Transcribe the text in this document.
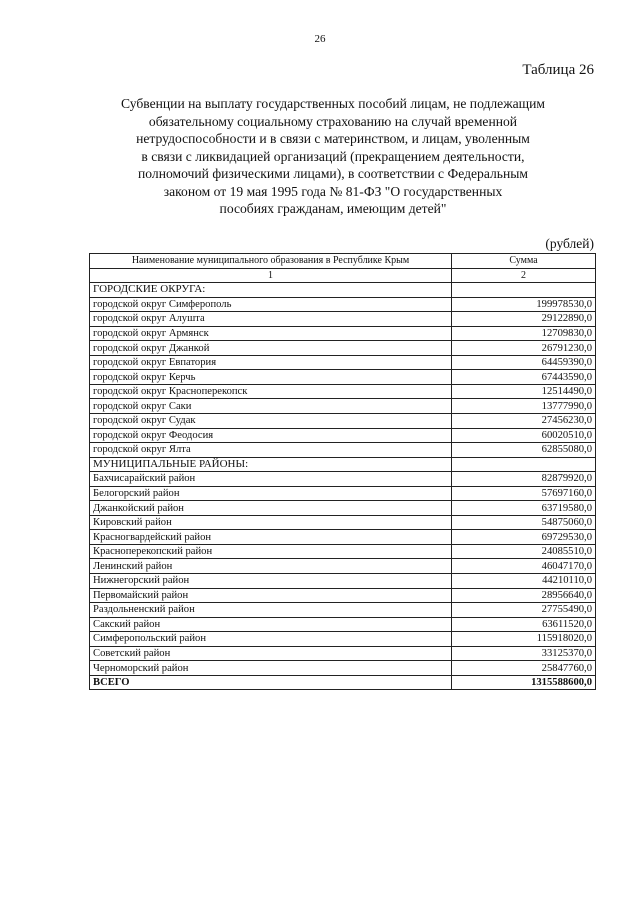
26
Таблица 26
Субвенции на выплату государственных пособий лицам, не подлежащим
обязательному социальному страхованию на случай временной
нетрудоспособности и в связи с материнством, и лицам, уволенным
в связи с ликвидацией организаций (прекращением деятельности,
полномочий физическими лицами), в соответствии с Федеральным
законом от 19 мая 1995 года № 81-ФЗ "О государственных
пособиях гражданам, имеющим детей"
(рублей)
Наименование муниципального образования в Республике Крым	Сумма
1	2
ГОРОДСКИЕ ОКРУГА:	
городской округ Симферополь	199978530,0
городской округ Алушта	29122890,0
городской округ Армянск	12709830,0
городской округ Джанкой	26791230,0
городской округ Евпатория	64459390,0
городской округ Керчь	67443590,0
городской округ Красноперекопск	12514490,0
городской округ Саки	13777990,0
городской округ Судак	27456230,0
городской округ Феодосия	60020510,0
городской округ Ялта	62855080,0
МУНИЦИПАЛЬНЫЕ РАЙОНЫ:	
Бахчисарайский район	82879920,0
Белогорский район	57697160,0
Джанкойский район	63719580,0
Кировский район	54875060,0
Красногвардейский район	69729530,0
Красноперекопский район	24085510,0
Ленинский район	46047170,0
Нижнегорский район	44210110,0
Первомайский район	28956640,0
Раздольненский район	27755490,0
Сакский район	63611520,0
Симферопольский район	115918020,0
Советский район	33125370,0
Черноморский район	25847760,0
ВСЕГО	1315588600,0
